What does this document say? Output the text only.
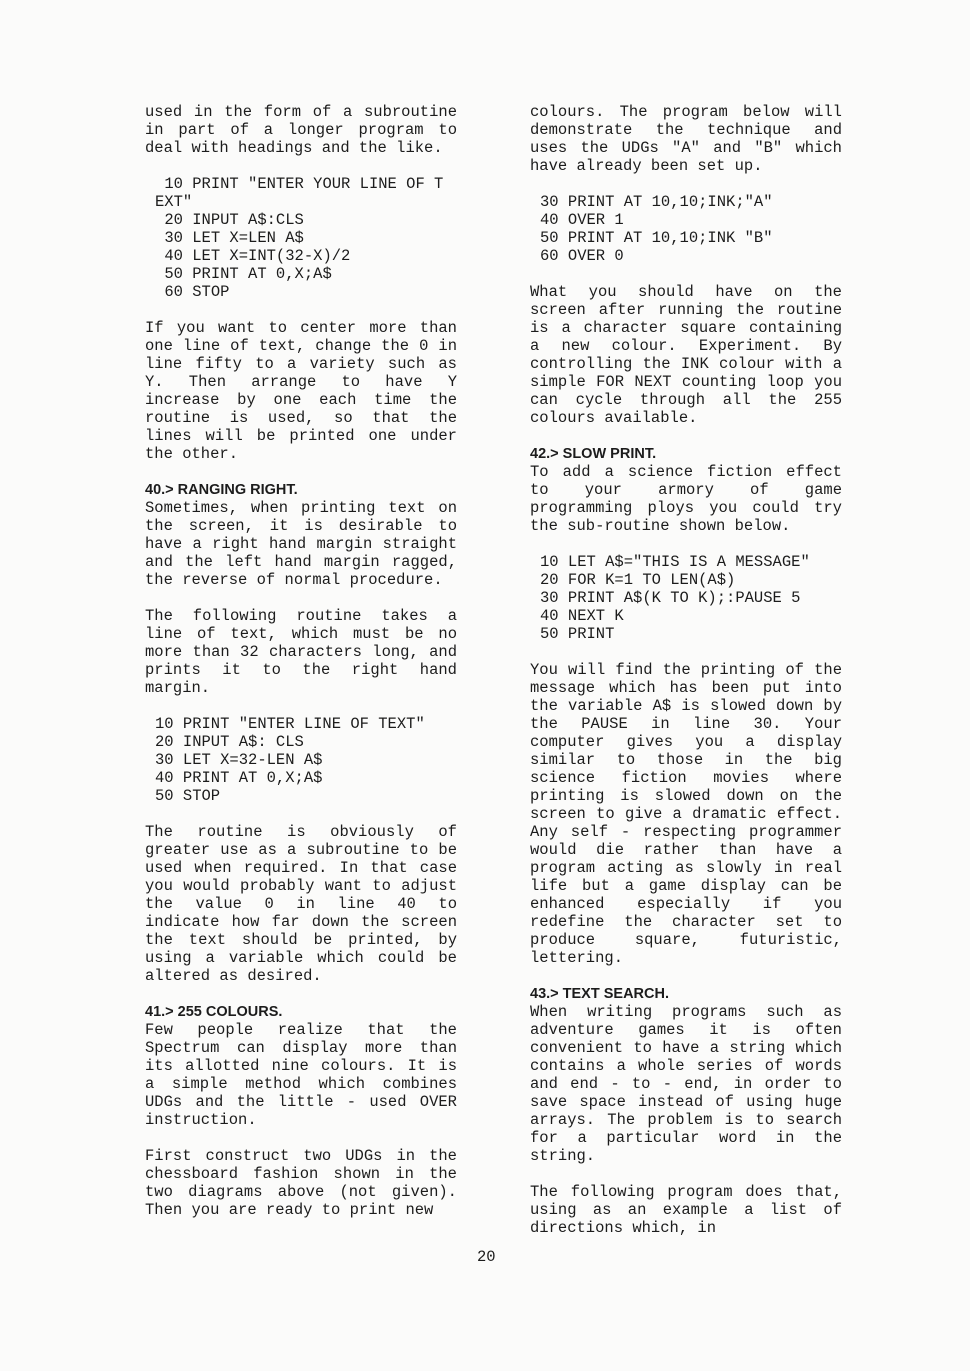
used in the form of a subroutine in part of a longer program to deal with headings and the like.

10 PRINT "ENTER YOUR LINE OF T
EXT"
20 INPUT A$:CLS
30 LET X=LEN A$
40 LET X=INT(32-X)/2
50 PRINT AT 0,X;A$
60 STOP

If you want to center more than one line of text, change the 0 in line fifty to a variety such as Y. Then arrange to have Y increase by one each time the routine is used, so that the lines will be printed one under the other.

40.> RANGING RIGHT.

Sometimes, when printing text on the screen, it is desirable to have a right hand margin straight and the left hand margin ragged, the reverse of normal procedure.

The following routine takes a line of text, which must be no more than 32 characters long, and prints it to the right hand margin.

10 PRINT "ENTER LINE OF TEXT"
20 INPUT A$: CLS
30 LET X=32-LEN A$
40 PRINT AT 0,X;A$
50 STOP

The routine is obviously of greater use as a subroutine to be used when required. In that case you would probably want to adjust the value 0 in line 40 to indicate how far down the screen the text should be printed, by using a variable which could be altered as desired.

41.> 255 COLOURS.

Few people realize that the Spectrum can display more than its allotted nine colours. It is a simple method which combines UDGs and the little - used OVER instruction.

First construct two UDGs in the chessboard fashion shown in the two diagrams above (not given). Then you are ready to print new

colours. The program below will demonstrate the technique and uses the UDGs "A" and "B" which have already been set up.

30 PRINT AT 10,10;INK;"A"
40 OVER 1
50 PRINT AT 10,10;INK "B"
60 OVER 0

What you should have on the screen after running the routine is a character square containing a new colour. Experiment. By controlling the INK colour with a simple FOR NEXT counting loop you can cycle through all the 255 colours available.

42.> SLOW PRINT.

To add a science fiction effect to your armory of game programming ploys you could try the sub-routine shown below.

10 LET A$="THIS IS A MESSAGE"
20 FOR K=1 TO LEN(A$)
30 PRINT A$(K TO K);:PAUSE 5
40 NEXT K
50 PRINT

You will find the printing of the message which has been put into the variable A$ is slowed down by the PAUSE in line 30. Your computer gives you a display similar to those in the big science fiction movies where printing is slowed down on the screen to give a dramatic effect. Any self - respecting programmer would die rather than have a program acting as slowly in real life but a game display can be enhanced especially if you redefine the character set to produce square, futuristic, lettering.

43.> TEXT SEARCH.

When writing programs such as adventure games it is often convenient to have a string which contains a whole series of words and end - to - end, in order to save space instead of using huge arrays. The problem is to search for a particular word in the string.

The following program does that, using as an example a list of directions which, in

20
